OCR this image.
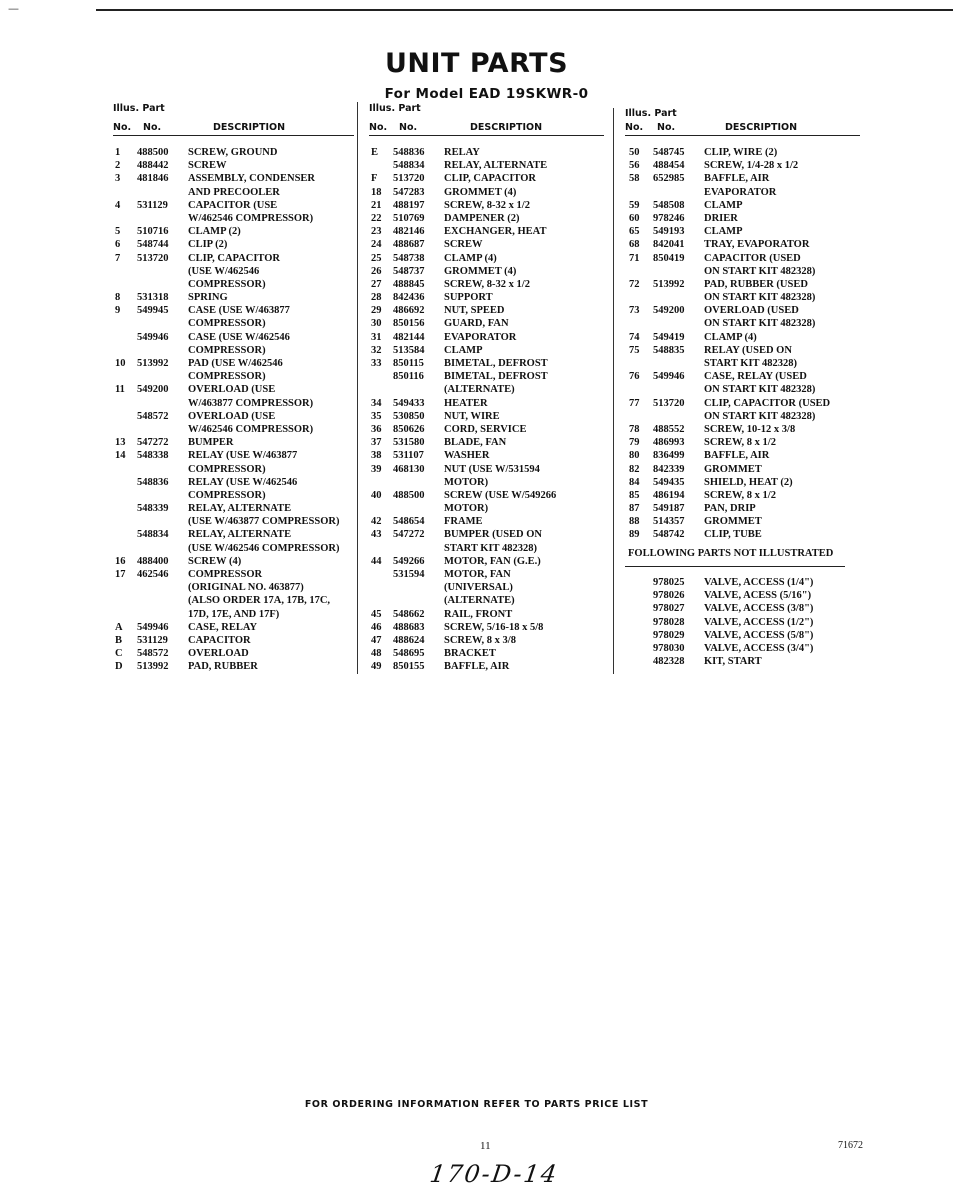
—
UNIT PARTS
For Model EAD 19SKWR-0
Illus. Part
No. No.	DESCRIPTION
1 488500 SCREW, GROUND
2 488442 SCREW
3 481846 ASSEMBLY, CONDENSER
AND PRECOOLER
4 531129 CAPACITOR (USE
W/462546 COMPRESSOR)
5 510716 CLAMP (2)
6 548744 CLIP (2)
7 513720 CLIP, CAPACITOR
(USE W/462546
COMPRESSOR)
8 531318 SPRING
9 549945 CASE (USE W/463877
COMPRESSOR)
549946 CASE (USE W/462546
COMPRESSOR)
10 513992 PAD (USE W/462546
COMPRESSOR)
11 549200 OVERLOAD (USE
W/463877 COMPRESSOR)
548572 OVERLOAD (USE
W/462546 COMPRESSOR)
13 547272 BUMPER
14 548338 RELAY (USE W/463877
COMPRESSOR)
548836 RELAY (USE W/462546
COMPRESSOR)
548339 RELAY, ALTERNATE
(USE W/463877 COMPRESSOR)
548834 RELAY, ALTERNATE
(USE W/462546 COMPRESSOR)
16 488400 SCREW (4)
17 462546 COMPRESSOR
(ORIGINAL NO. 463877)
(ALSO ORDER 17A, 17B, 17C,
17D, 17E, AND 17F)
A 549946 CASE, RELAY
B 531129 CAPACITOR
C 548572 OVERLOAD
D 513992 PAD, RUBBER
Illus. Part
No. No.	DESCRIPTION
E 548836 RELAY
548834 RELAY, ALTERNATE
F 513720 CLIP, CAPACITOR
18 547283 GROMMET (4)
21 488197 SCREW, 8-32 x 1/2
22 510769 DAMPENER (2)
23 482146 EXCHANGER, HEAT
24 488687 SCREW
25 548738 CLAMP (4)
26 548737 GROMMET (4)
27 488845 SCREW, 8-32 x 1/2
28 842436 SUPPORT
29 486692 NUT, SPEED
30 850156 GUARD, FAN
31 482144 EVAPORATOR
32 513584 CLAMP
33 850115 BIMETAL, DEFROST
850116 BIMETAL, DEFROST
(ALTERNATE)
34 549433 HEATER
35 530850 NUT, WIRE
36 850626 CORD, SERVICE
37 531580 BLADE, FAN
38 531107 WASHER
39 468130 NUT (USE W/531594
MOTOR)
40 488500 SCREW (USE W/549266
MOTOR)
42 548654 FRAME
43 547272 BUMPER (USED ON
START KIT 482328)
44 549266 MOTOR, FAN (G.E.)
531594 MOTOR, FAN
(UNIVERSAL)
(ALTERNATE)
45 548662 RAIL, FRONT
46 488683 SCREW, 5/16-18 x 5/8
47 488624 SCREW, 8 x 3/8
48 548695 BRACKET
49 850155 BAFFLE, AIR
Illus. Part
No. No.	DESCRIPTION
50 548745 CLIP, WIRE (2)
56 488454 SCREW, 1/4-28 x 1/2
58 652985 BAFFLE, AIR
EVAPORATOR
59 548508 CLAMP
60 978246 DRIER
65 549193 CLAMP
68 842041 TRAY, EVAPORATOR
71 850419 CAPACITOR (USED
ON START KIT 482328)
72 513992 PAD, RUBBER (USED
ON START KIT 482328)
73 549200 OVERLOAD (USED
ON START KIT 482328)
74 549419 CLAMP (4)
75 548835 RELAY (USED ON
START KIT 482328)
76 549946 CASE, RELAY (USED
ON START KIT 482328)
77 513720 CLIP, CAPACITOR (USED
ON START KIT 482328)
78 488552 SCREW, 10-12 x 3/8
79 486993 SCREW, 8 x 1/2
80 836499 BAFFLE, AIR
82 842339 GROMMET
84 549435 SHIELD, HEAT (2)
85 486194 SCREW, 8 x 1/2
87 549187 PAN, DRIP
88 514357 GROMMET
89 548742 CLIP, TUBE
FOLLOWING PARTS NOT ILLUSTRATED
978025 VALVE, ACCESS (1/4")
978026 VALVE, ACESS (5/16")
978027 VALVE, ACCESS (3/8")
978028 VALVE, ACCESS (1/2")
978029 VALVE, ACCESS (5/8")
978030 VALVE, ACCESS (3/4")
482328 KIT, START
FOR ORDERING INFORMATION REFER TO PARTS PRICE LIST
11	71672
170-D-14
